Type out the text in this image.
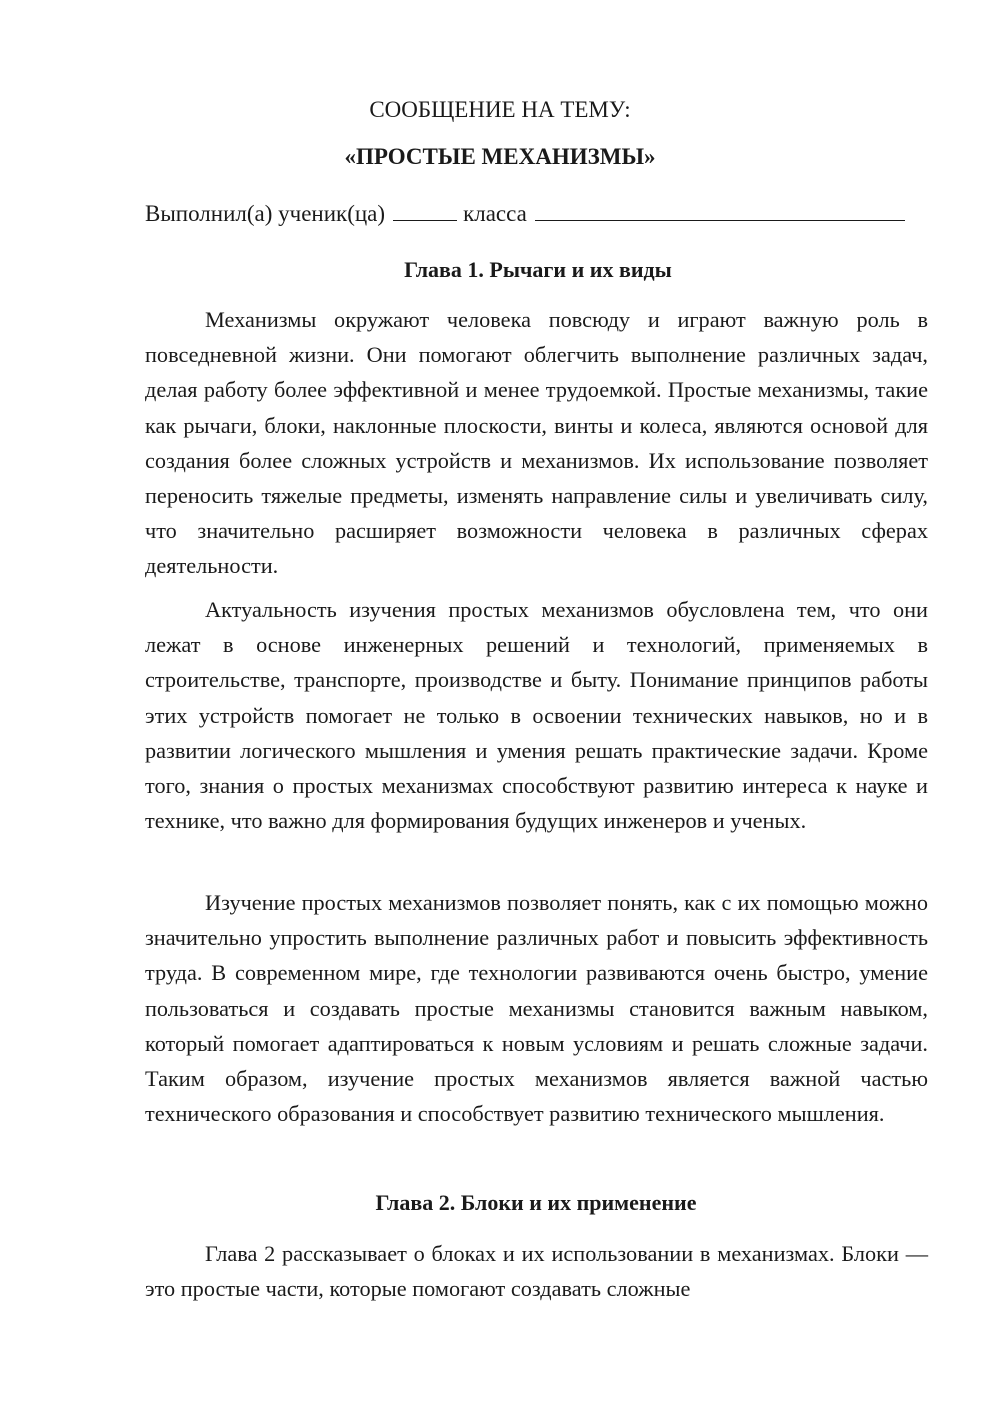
СООБЩЕНИЕ НА ТЕМУ:
«ПРОСТЫЕ МЕХАНИЗМЫ»
Выполнил(а) ученик(ца)	класса
Глава 1. Рычаги и их виды

Механизмы окружают человека повсюду и играют важную роль в повседневной жизни. Они помогают облегчить выполнение различных задач, делая работу более эффективной и менее трудоемкой. Простые механизмы, такие как рычаги, блоки, наклонные плоскости, винты и колеса, являются основой для создания более сложных устройств и механизмов. Их использование позволяет переносить тяжелые предметы, изменять направление силы и увеличивать силу, что значительно расширяет возможности человека в различных сферах деятельности.

Актуальность изучения простых механизмов обусловлена тем, что они лежат в основе инженерных решений и технологий, применяемых в строительстве, транспорте, производстве и быту. Понимание принципов работы этих устройств помогает не только в освоении технических навыков, но и в развитии логического мышления и умения решать практические задачи. Кроме того, знания о простых механизмах способствуют развитию интереса к науке и технике, что важно для формирования будущих инженеров и ученых.

Изучение простых механизмов позволяет понять, как с их помощью можно значительно упростить выполнение различных работ и повысить эффективность труда. В современном мире, где технологии развиваются очень быстро, умение пользоваться и создавать простые механизмы становится важным навыком, который помогает адаптироваться к новым условиям и решать сложные задачи. Таким образом, изучение простых механизмов является важной частью технического образования и способствует развитию технического мышления.

Глава 2. Блоки и их применение

Глава 2 рассказывает о блоках и их использовании в механизмах. Блоки — это простые части, которые помогают создавать сложные
